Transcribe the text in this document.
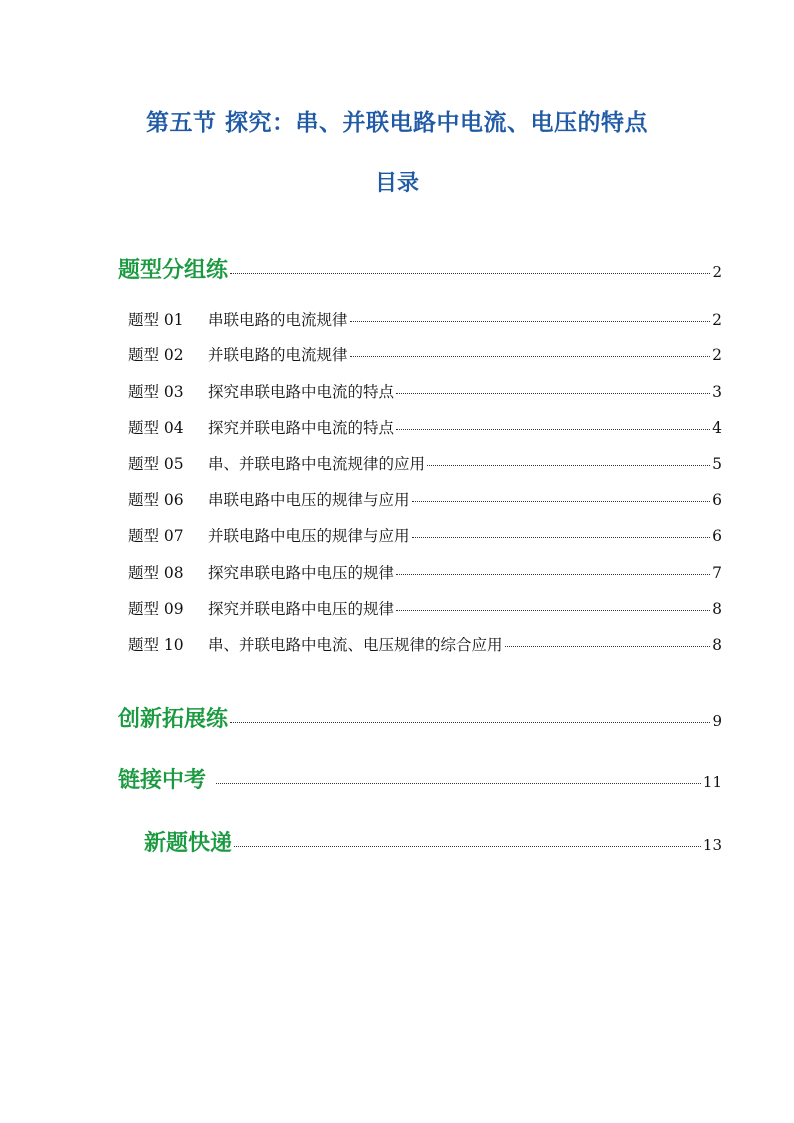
第五节 探究：串、并联电路中电流、电压的特点
目录
题型分组练	2
题型 01 串联电路的电流规律	2
题型 02 并联电路的电流规律	2
题型 03 探究串联电路中电流的特点	3
题型 04 探究并联电路中电流的特点	4
题型 05 串、并联电路中电流规律的应用	5
题型 06 串联电路中电压的规律与应用	6
题型 07 并联电路中电压的规律与应用	6
题型 08 探究串联电路中电压的规律	7
题型 09 探究并联电路中电压的规律	8
题型 10 串、并联电路中电流、电压规律的综合应用	8
创新拓展练	9
链接中考	11
新题快递	13
